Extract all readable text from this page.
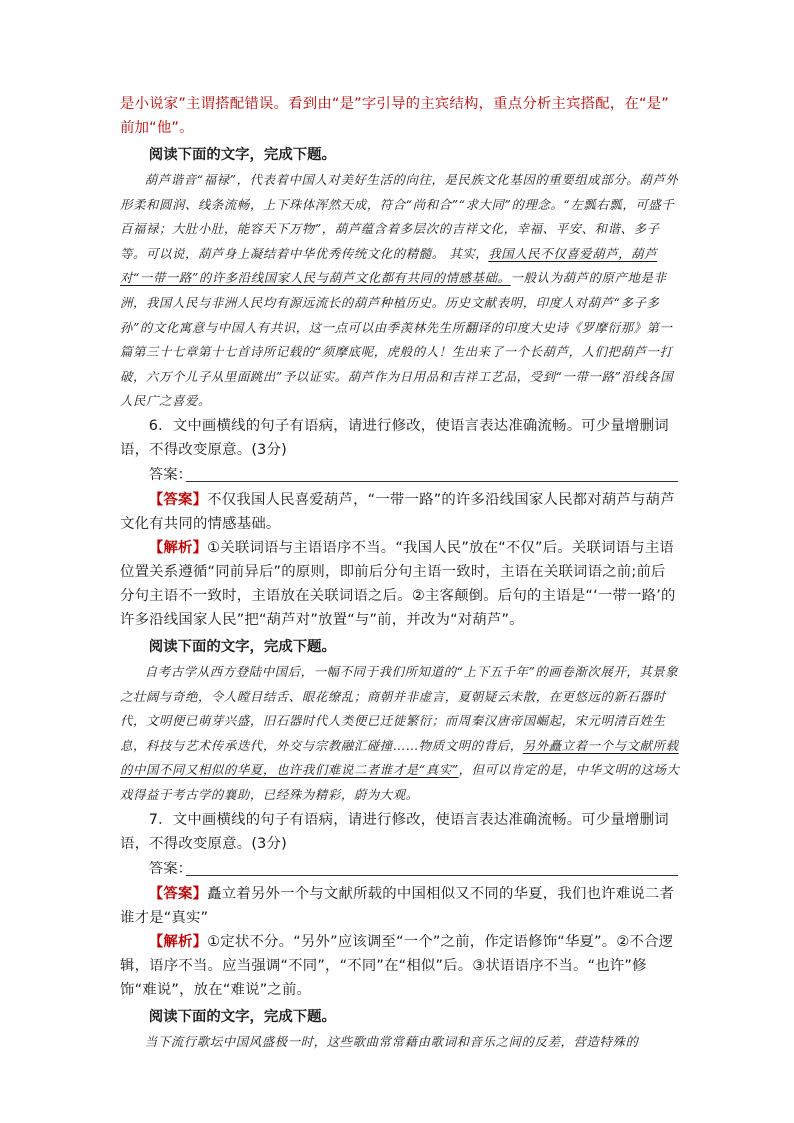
是小说家”主谓搭配错误。看到由“是”字引导的主宾结构，重点分析主宾搭配，在“是”

前加“他”。

阅读下面的文字，完成下题。

葫芦谐音“福禄”，代表着中国人对美好生活的向往，是民族文化基因的重要组成部分。葫芦外形柔和圆润、线条流畅，上下珠体浑然天成，符合“尚和合”“求大同”的理念。“左瓢右瓢，可盛千百福禄；大肚小肚，能容天下万物”，葫芦蕴含着多层次的吉祥文化，幸福、平安、和谐、多子等。可以说，葫芦身上凝结着中华优秀传统文化的精髓。 其实，我国人民不仅喜爱葫芦，葫芦对“一带一路”的许多沿线国家人民与葫芦文化都有共同的情感基础。一般认为葫芦的原产地是非洲，我国人民与非洲人民均有源远流长的葫芦种植历史。历史文献表明，印度人对葫芦“多子多孙”的文化寓意与中国人有共识，这一点可以由季羡林先生所翻译的印度大史诗《罗摩衍那》第一篇第三十七章第十七首诗所记载的“须摩底呢，虎般的人！生出来了一个长葫芦，人们把葫芦一打破，六万个儿子从里面跳出”予以证实。葫芦作为日用品和吉祥工艺品，受到“一带一路”沿线各国人民广之喜爱。

6．文中画横线的句子有语病，请进行修改，使语言表达准确流畅。可少量增删词语，不得改变原意。(3分)

答案：

【答案】不仅我国人民喜爱葫芦，“一带一路”的许多沿线国家人民都对葫芦与葫芦文化有共同的情感基础。

【解析】①关联词语与主语语序不当。“我国人民”放在“不仅”后。关联词语与主语位置关系遵循“同前异后”的原则，即前后分句主语一致时，主语在关联词语之前;前后分句主语不一致时，主语放在关联词语之后。②主客颠倒。后句的主语是“‘一带一路’的许多沿线国家人民”把“葫芦对”放置“与”前，并改为“对葫芦”。

阅读下面的文字，完成下题。

自考古学从西方登陆中国后，一幅不同于我们所知道的“上下五千年”的画卷渐次展开，其景象之壮阔与奇绝，令人瞠目结舌、眼花缭乱；商朝并非虚言，夏朝疑云未散，在更悠远的新石器时代，文明便已萌芽兴盛，旧石器时代人类便已迁徙繁衍；而周秦汉唐帝国崛起，宋元明清百姓生息，科技与艺术传承迭代，外交与宗教融汇碰撞……物质文明的背后，另外矗立着一个与文献所载的中国不同又相似的华夏，也许我们难说二者谁才是“真实”，但可以肯定的是，中华文明的这场大戏得益于考古学的襄助，已经殊为精彩，蔚为大观。

7．文中画横线的句子有语病，请进行修改，使语言表达准确流畅。可少量增删词语，不得改变原意。(3分)

答案：

【答案】矗立着另外一个与文献所载的中国相似又不同的华夏，我们也许难说二者谁才是“真实”

【解析】①定状不分。“另外”应该调至“一个”之前，作定语修饰“华夏”。②不合逻辑，语序不当。应当强调“不同”，“不同”在“相似”后。③状语语序不当。“也许”修饰“难说”，放在“难说”之前。

阅读下面的文字，完成下题。

当下流行歌坛中国风盛极一时，这些歌曲常常藉由歌词和音乐之间的反差，营造特殊的
